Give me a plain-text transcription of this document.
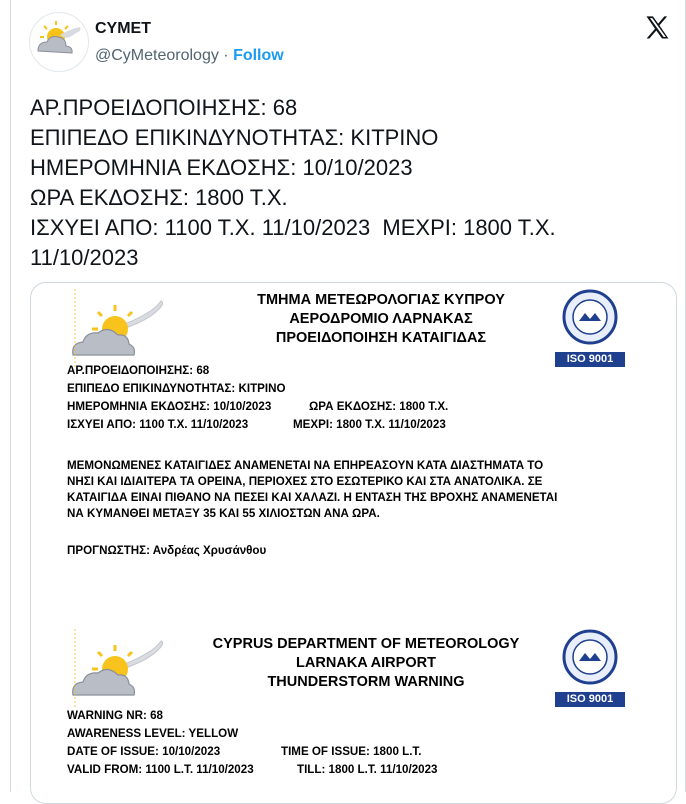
CYMET
@CyMeteorology · Follow
ΑΡ.ΠΡΟΕΙΔΟΠΟΙΗΣΗΣ: 68
ΕΠΙΠΕΔΟ ΕΠΙΚΙΝΔΥΝΟΤΗΤΑΣ: ΚΙΤΡΙΝΟ
ΗΜΕΡΟΜΗΝΙΑ ΕΚΔΟΣΗΣ: 10/10/2023
ΩΡΑ ΕΚΔΟΣΗΣ: 1800 Τ.Χ.
ΙΣΧΥΕΙ ΑΠΟ: 1100 Τ.Χ. 11/10/2023  ΜΕΧΡΙ: 1800 Τ.Χ.
11/10/2023
ΤΜΗΜΑ ΜΕΤΕΩΡΟΛΟΓΙΑΣ ΚΥΠΡΟΥ
ΑΕΡΟΔΡΟΜΙΟ ΛΑΡΝΑΚΑΣ
ΠΡΟΕΙΔΟΠΟΙΗΣΗ ΚΑΤΑΙΓΙΔΑΣ
ISO 9001
ΑΡ.ΠΡΟΕΙΔΟΠΟΙΗΣΗΣ: 68
ΕΠΙΠΕΔΟ ΕΠΙΚΙΝΔΥΝΟΤΗΤΑΣ: ΚΙΤΡΙΝΟ
ΗΜΕΡΟΜΗΝΙΑ ΕΚΔΟΣΗΣ: 10/10/2023	ΩΡΑ ΕΚΔΟΣΗΣ: 1800 Τ.Χ.
ΙΣΧΥΕΙ ΑΠΟ: 1100 Τ.Χ. 11/10/2023	ΜΕΧΡΙ: 1800 Τ.Χ. 11/10/2023
ΜΕΜΟΝΩΜΕΝΕΣ ΚΑΤΑΙΓΙΔΕΣ ΑΝΑΜΕΝΕΤΑΙ ΝΑ ΕΠΗΡΕΑΣΟΥΝ ΚΑΤΑ ΔΙΑΣΤΗΜΑΤΑ ΤΟ
ΝΗΣΙ ΚΑΙ ΙΔΙΑΙΤΕΡΑ ΤΑ ΟΡΕΙΝΑ, ΠΕΡΙΟΧΕΣ ΣΤΟ ΕΣΩΤΕΡΙΚΟ ΚΑΙ ΣΤΑ ΑΝΑΤΟΛΙΚΑ. ΣΕ
ΚΑΤΑΙΓΙΔΑ ΕΙΝΑΙ ΠΙΘΑΝΟ ΝΑ ΠΕΣΕΙ ΚΑΙ ΧΑΛΑΖΙ. Η ΕΝΤΑΣΗ ΤΗΣ ΒΡΟΧΗΣ ΑΝΑΜΕΝΕΤΑΙ
ΝΑ ΚΥΜΑΝΘΕΙ ΜΕΤΑΞΥ 35 ΚΑΙ 55 ΧΙΛΙΟΣΤΩΝ ΑΝΑ ΩΡΑ.
ΠΡΟΓΝΩΣΤΗΣ: Ανδρέας Χρυσάνθου
CYPRUS DEPARTMENT OF METEOROLOGY
LARNAKA AIRPORT
THUNDERSTORM WARNING
ISO 9001
WARNING NR: 68
AWARENESS LEVEL: YELLOW
DATE OF ISSUE: 10/10/2023	TIME OF ISSUE: 1800 L.T.
VALID FROM: 1100 L.T. 11/10/2023	TILL: 1800 L.T. 11/10/2023
